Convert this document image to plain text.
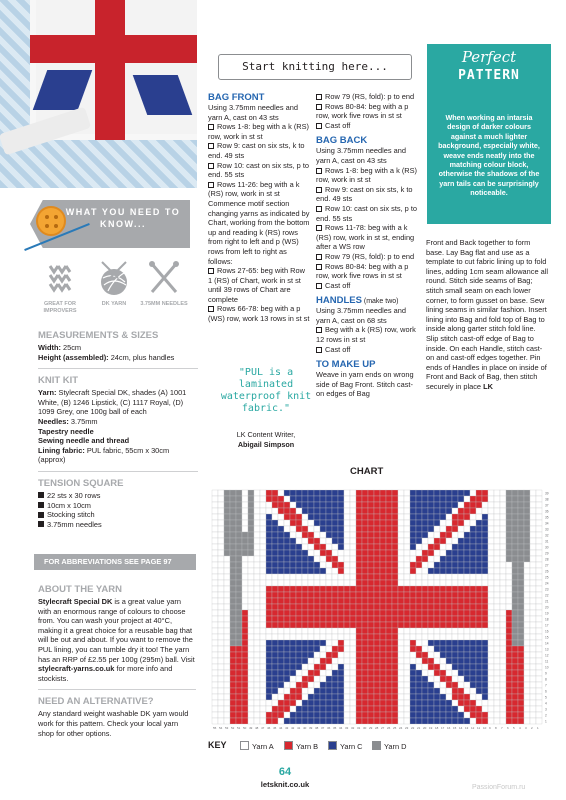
WHAT YOU NEED TO KNOW...
GREAT FOR IMPROVERS
DK YARN	3.75MM NEEDLES
MEASUREMENTS & SIZES
Width: 25cm
Height (assembled): 24cm, plus handles
KNIT KIT
Yarn: Stylecraft Special DK, shades (A) 1001 White, (B) 1246 Lipstick, (C) 1117 Royal, (D) 1099 Grey, one 100g ball of each
Needles: 3.75mm
Tapestry needle
Sewing needle and thread
Lining fabric: PUL fabric, 55cm x 30cm (approx)
TENSION SQUARE
22 sts x 30 rows
10cm x 10cm
Stocking stitch
3.75mm needles
FOR ABBREVIATIONS SEE PAGE 97
ABOUT THE YARN
Stylecraft Special DK is a great value yarn with an enormous range of colours to choose from. You can wash your project at 40°C, making it a great choice for a reusable bag that will be out and about. If you want to remove the PUL lining, you can tumble dry it too! The yarn has an RRP of £2.55 per 100g (295m) ball. Visit stylecraft-yarns.co.uk for more info and stockists.
NEED AN ALTERNATIVE?
Any standard weight washable DK yarn would work for this pattern. Check your local yarn shop for other options.
Start knitting here...
BAG FRONT
Using 3.75mm needles and yarn A, cast on 43 sts
Rows 1-8: beg with a k (RS) row, work in st st
Row 9: cast on six sts, k to end. 49 sts
Row 10: cast on six sts, p to end. 55 sts
Rows 11-26: beg with a k (RS) row, work in st st
Commence motif section changing yarns as indicated by Chart, working from the bottom up and reading k (RS) rows from right to left and p (WS) rows from left to right as follows:
Rows 27-65: beg with Row 1 (RS) of Chart, work in st st until 39 rows of Chart are complete
Rows 66-78: beg with a p (WS) row, work 13 rows in st st
"PUL is a laminated waterproof knit fabric."
LK Content Writer,
Abigail Simpson
Row 79 (RS, fold): p to end
Rows 80-84: beg with a p row, work five rows in st st
Cast off
BAG BACK
Using 3.75mm needles and yarn A, cast on 43 sts
Rows 1-8: beg with a k (RS) row, work in st st
Row 9: cast on six sts, k to end. 49 sts
Row 10: cast on six sts, p to end. 55 sts
Rows 11-78: beg with a k (RS) row, work in st st, ending after a WS row
Row 79 (RS, fold): p to end
Rows 80-84: beg with a p row, work five rows in st st
Cast off
HANDLES (make two)
Using 3.75mm needles and yarn A, cast on 68 sts
Beg with a k (RS) row, work 12 rows in st st
Cast off
TO MAKE UP
Weave in yarn ends on wrong side of Bag Front. Stitch cast-on edges of Bag
Perfect
PATTERN
When working an intarsia design of darker colours against a much lighter background, especially white, weave ends neatly into the matching colour block, otherwise the shadows of the yarn tails can be surprisingly noticeable.
Front and Back together to form base. Lay Bag flat and use as a template to cut fabric lining up to fold lines, adding 1cm seam allowance all round. Stitch side seams of Bag; stitch small seam on each lower corner, to form gusset on base. Sew lining seams in similar fashion. Insert lining into Bag and fold top of Bag to inside along garter stitch fold line. Slip stitch cast-off edge of Bag to inside. On each Handle, stitch cast-on and cast-off edges together. Pin ends of Handles in place on inside of Front and Back of Bag, then stitch securely in place LK
CHART
39
38
37
36
35
34
33
32
31
30
29
28
27
26
25
24
23
22
21
20
19
18
17
16
15
14
13
12
11
10
9
8
7
6
5
4
3
2
1
55 54 53 52 51 50 49 48 47 46 45 44 43 42 41 40 39 38 37 36 35 34 33 32 31 30 29 28 27 26 25 24 23 22 21 20 19 18 17 16 15 14 13 12 11 10 9 8 7 6 5 4 3 2 1
KEY	Yarn A	Yarn B	Yarn C	Yarn D
64
letsknit.co.uk	PassionForum.ru
